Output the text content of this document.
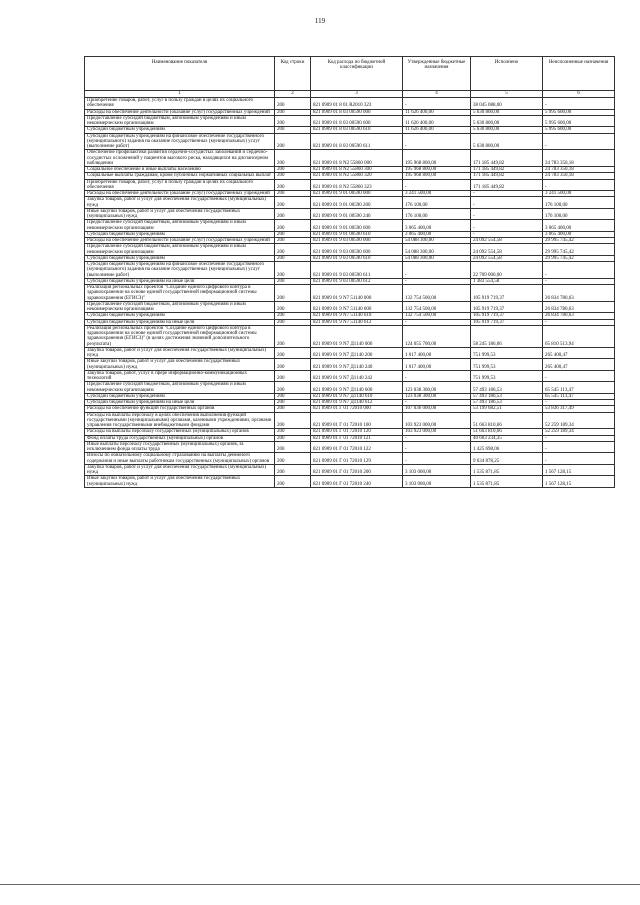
119
Наименование показателя	Код строки	Код расхода по бюджетной классификации	Утвержденные бюджетные назначения	Исполнено	Неисполненные назначения
1	2	3	4	5	6
Приобретение товаров, работ, услуг в пользу граждан в целях их социального обеспечения	200	821 0909 01 8 01 R2010 323	-	38 045 088,00	-
Расходы на обеспечение деятельности (оказание услуг) государственных учреждений	200	821 0909 01 8 03 00590 000	11 626 400,00	5 630 800,00	5 995 600,00
Предоставление субсидий бюджетным, автономным учреждениям и иным некоммерческим организациям	200	821 0909 01 8 03 00590 600	11 626 400,00	5 630 800,00	5 995 600,00
Субсидии бюджетным учреждениям	200	821 0909 01 8 03 00590 610	11 626 400,00	5 630 800,00	5 995 600,00
Субсидии бюджетным учреждениям на финансовое обеспечение государственного (муниципального) задания на оказание государственных (муниципальных) услуг (выполнение работ)	200	821 0909 01 8 03 00590 611	-	5 630 800,00	-
Обеспечение профилактики развития сердечно-сосудистых заболеваний и сердечно-сосудистых осложнений у пациентов высокого риска, находящихся на диспансерном наблюдении	200	821 0909 01 8 N2 55860 000	195 968 800,00	171 185 449,82	24 783 350,18
Социальное обеспечение и иные выплаты населению	200	821 0909 01 8 N2 55860 300	195 968 800,00	171 185 449,82	24 783 350,18
Социальные выплаты гражданам, кроме публичных нормативных социальных выплат	200	821 0909 01 8 N2 55860 320	195 968 800,00	171 185 449,82	24 783 350,18
Приобретение товаров, работ, услуг в пользу граждан в целях их социального обеспечения	200	821 0909 01 8 N2 55860 323	-	171 185 449,82	-
Расходы на обеспечение деятельности (оказание услуг) государственных учреждений	200	821 0909 01 9 01 00590 000	3 241 500,00	-	3 241 500,00
Закупка товаров, работ и услуг для обеспечения государственных (муниципальных) нужд	200	821 0909 01 9 01 00590 200	176 100,00	-	176 100,00
Иные закупки товаров, работ и услуг для обеспечения государственных (муниципальных) нужд	200	821 0909 01 9 01 00590 240	176 100,00	-	176 100,00
Предоставление субсидий бюджетным, автономным учреждениям и иным некоммерческим организациям	200	821 0909 01 9 01 00590 600	3 065 400,00	-	3 065 400,00
Субсидии бюджетным учреждениям	200	821 0909 01 9 01 00590 610	3 065 400,00	-	3 065 400,00
Расходы на обеспечение деятельности (оказание услуг) государственных учреждений	200	821 0909 01 9 03 00590 000	54 088 300,00	24 092 554,58	29 995 745,42
Предоставление субсидий бюджетным, автономным учреждениям и иным некоммерческим организациям	200	821 0909 01 9 03 00590 600	54 088 300,00	24 092 554,58	29 995 745,42
Субсидии бюджетным учреждениям	200	821 0909 01 9 03 00590 610	54 088 300,00	24 092 554,58	29 995 745,42
Субсидии бюджетным учреждениям на финансовое обеспечение государственного (муниципального) задания на оказание государственных (муниципальных) услуг (выполнение работ)	200	821 0909 01 9 03 00590 611	-	22 709 000,00	-
Субсидии бюджетным учреждениям на иные цели	200	821 0909 01 9 03 00590 612	-	1 383 554,58	-
Реализация региональных проектов "Создание единого цифрового контура в здравоохранении на основе единой государственной информационной системы здравоохранения (ЕГИСЗ)"	200	821 0909 01 9 N7 51140 000	132 754 500,00	105 919 719,37	26 834 780,63
Предоставление субсидий бюджетным, автономным учреждениям и иным некоммерческим организациям	200	821 0909 01 9 N7 51140 600	132 754 500,00	105 919 719,37	26 834 780,63
Субсидии бюджетным учреждениям	200	821 0909 01 9 N7 51140 610	132 754 500,00	105 919 719,37	26 834 780,63
Субсидии бюджетным учреждениям на иные цели	200	821 0909 01 9 N7 51140 612	-	105 919 719,37	-
Реализация региональных проектов "Создание единого цифрового контура в здравоохранении на основе единой государственной информационной системы здравоохранения (ЕГИСЗ)" (в целях достижения значений дополнительного результата)	200	821 0909 01 9 N7 Д1140 000	124 055 700,00	58 245 186,06	65 810 513,94
Закупка товаров, работ и услуг для обеспечения государственных (муниципальных) нужд	200	821 0909 01 9 N7 Д1140 200	1 017 400,00	751 999,53	265 400,47
Иные закупки товаров, работ и услуг для обеспечения государственных (муниципальных) нужд	200	821 0909 01 9 N7 Д1140 240	1 017 400,00	751 999,53	265 400,47
Закупка товаров, работ, услуг в сфере информационно-коммуникационных технологий	200	821 0909 01 9 N7 Д1140 242	-	751 999,53	-
Предоставление субсидий бюджетным, автономным учреждениям и иным некоммерческим организациям	200	821 0909 01 9 N7 Д1140 600	123 038 300,00	57 493 186,53	65 545 113,47
Субсидии бюджетным учреждениям	200	821 0909 01 9 N7 Д1140 610	123 038 300,00	57 493 186,53	65 545 113,47
Субсидии бюджетным учреждениям на иные цели	200	821 0909 01 9 N7 Д1140 612	-	57 493 186,53	-
Расходы на обеспечение функций государственных органов	200	821 0909 01 Г 01 72010 000	107 036 000,00	53 199 682,51	53 836 317,49
Расходы на выплаты персоналу в целях обеспечения выполнения функций государственными (муниципальными) органами, казенными учреждениями, органами управления государственными внебюджетными фондами	200	821 0909 01 Г 01 72010 100	103 923 000,00	51 663 810,66	52 259 189,34
Расходы на выплаты персоналу государственных (муниципальных) органов	200	821 0909 01 Г 01 72010 120	103 923 000,00	51 663 810,66	52 259 189,34
Фонд оплаты труда государственных (муниципальных) органов	200	821 0909 01 Г 01 72010 121	-	40 603 234,35	-
Иные выплаты персоналу государственных (муниципальных) органов, за исключением фонда оплаты труда	200	821 0909 01 Г 01 72010 122	-	1 425 698,06	-
Взносы по обязательному социальному страхованию на выплаты денежного содержания и иные выплаты работникам государственных (муниципальных) органов	200	821 0909 01 Г 01 72010 129	-	9 634 878,25	-
Закупка товаров, работ и услуг для обеспечения государственных (муниципальных) нужд	200	821 0909 01 Г 01 72010 200	3 103 000,00	1 535 871,85	1 567 128,15
Иные закупки товаров, работ и услуг для обеспечения государственных (муниципальных) нужд	200	821 0909 01 Г 01 72010 240	3 103 000,00	1 535 871,85	1 567 128,15
